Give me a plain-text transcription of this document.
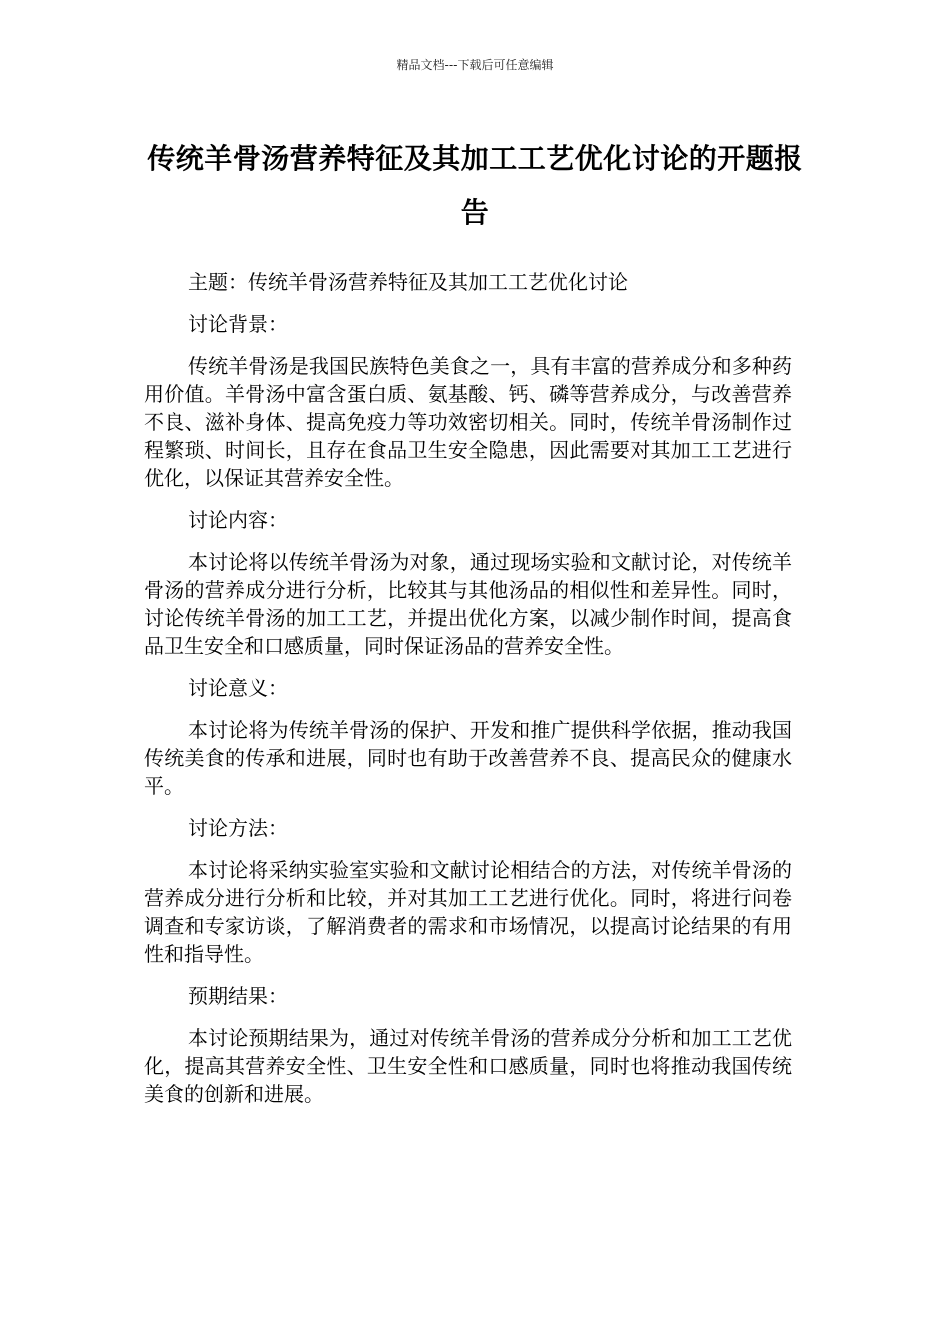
精品文档---下载后可任意编辑
传统羊骨汤营养特征及其加工工艺优化讨论的开题报告

主题：传统羊骨汤营养特征及其加工工艺优化讨论

讨论背景：

传统羊骨汤是我国民族特色美食之一，具有丰富的营养成分和多种药用价值。羊骨汤中富含蛋白质、氨基酸、钙、磷等营养成分，与改善营养不良、滋补身体、提高免疫力等功效密切相关。同时，传统羊骨汤制作过程繁琐、时间长，且存在食品卫生安全隐患，因此需要对其加工工艺进行优化，以保证其营养安全性。

讨论内容：

本讨论将以传统羊骨汤为对象，通过现场实验和文献讨论，对传统羊骨汤的营养成分进行分析，比较其与其他汤品的相似性和差异性。同时，讨论传统羊骨汤的加工工艺，并提出优化方案，以减少制作时间，提高食品卫生安全和口感质量，同时保证汤品的营养安全性。

讨论意义：

本讨论将为传统羊骨汤的保护、开发和推广提供科学依据，推动我国传统美食的传承和进展，同时也有助于改善营养不良、提高民众的健康水平。

讨论方法：

本讨论将采纳实验室实验和文献讨论相结合的方法，对传统羊骨汤的营养成分进行分析和比较，并对其加工工艺进行优化。同时，将进行问卷调查和专家访谈，了解消费者的需求和市场情况，以提高讨论结果的有用性和指导性。

预期结果：

本讨论预期结果为，通过对传统羊骨汤的营养成分分析和加工工艺优化，提高其营养安全性、卫生安全性和口感质量，同时也将推动我国传统美食的创新和进展。
